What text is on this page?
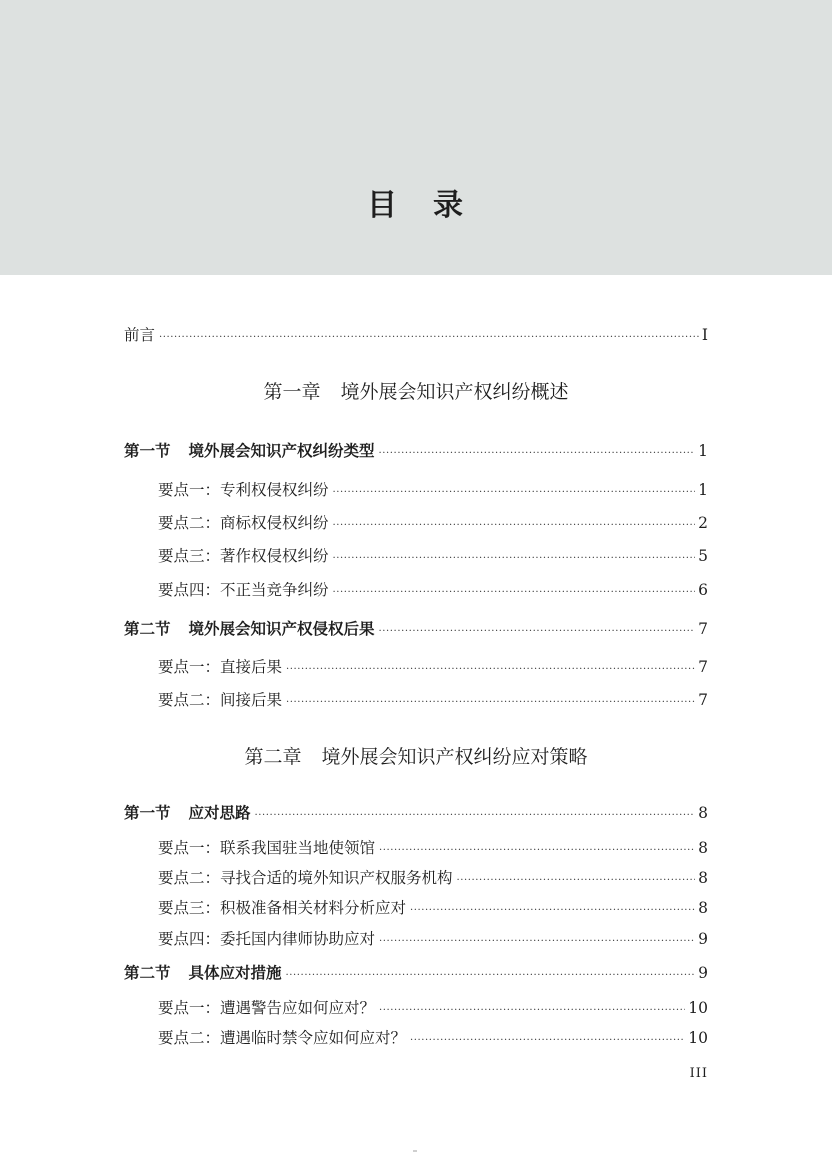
目 录
前言 . . .	I
第一章 境外展会知识产权纠纷概述
第一节 境外展会知识产权纠纷类型 . . .	1
要点一：专利权侵权纠纷 . . .	1
要点二：商标权侵权纠纷 . . .	2
要点三：著作权侵权纠纷 . . .	5
要点四：不正当竞争纠纷 . . .	6
第二节 境外展会知识产权侵权后果 . . .	7
要点一：直接后果 . . .	7
要点二：间接后果 . . .	7
第二章 境外展会知识产权纠纷应对策略
第一节 应对思路 . . .	8
要点一：联系我国驻当地使领馆 . . .	8
要点二：寻找合适的境外知识产权服务机构 . . .	8
要点三：积极准备相关材料分析应对 . . .	8
要点四：委托国内律师协助应对 . . .	9
第二节 具体应对措施 . . .	9
要点一：遭遇警告应如何应对？ . . .	10
要点二：遭遇临时禁令应如何应对？ . . .	10
III
